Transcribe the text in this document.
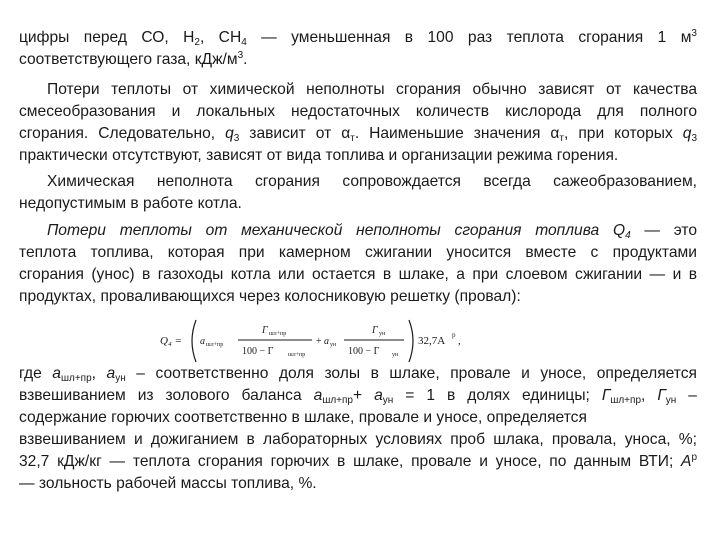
цифры перед СО, $Н_2$, $СН_4$ — уменьшенная в 100 раз теплота сгорания 1 $м^3$
соответствующего газа, кДж/$м^3$.
Потери теплоты от химической неполноты сгорания обычно зависят от качества
смесеобразования и локальных недостаточных количеств кислорода для полного
сгорания. Следовательно, $q_3$ зависит от $\alpha_т$. Наименьшие значения $\alpha_т$, при которых $q_3$
практически отсутствуют, зависят от вида топлива и организации режима горения.
Химическая неполнота сгорания сопровождается всегда сажеобразованием,
недопустимым в работе котла.
Потери теплоты от механической неполноты сгорания топлива $Q_4$ — это
теплота топлива, которая при камерном сжигании уносится вместе с продуктами
сгорания (унос) в газоходы котла или остается в шлаке, а при слоевом сжигании — и в
продуктах, проваливающихся через колосниковую решетку (провал):
Q₄ = a шл+пр
Г шл+пр
100 − Г шл+пр
+ a ун
Г ун
100 − Г ун
32,7A р ,
где $а_{шл+пр}$, $а_{ун}$ – соответственно доля золы в шлаке, провале и уносе, определяется
взвешиванием из золового баланса $а_{шл+пр}+ а_{ун} = 1$ в долях единицы; $Г_{шл+пр}$, $Г_{ун}$ –
содержание горючих соответственно в шлаке, провале и уносе, определяется
взвешиванием и дожиганием в лабораторных условиях проб шлака, провала, уноса, %;
32,7 кДж/кг — теплота сгорания горючих в шлаке, провале и уносе, по данным ВТИ; $А^р$
— зольность рабочей массы топлива, %.
